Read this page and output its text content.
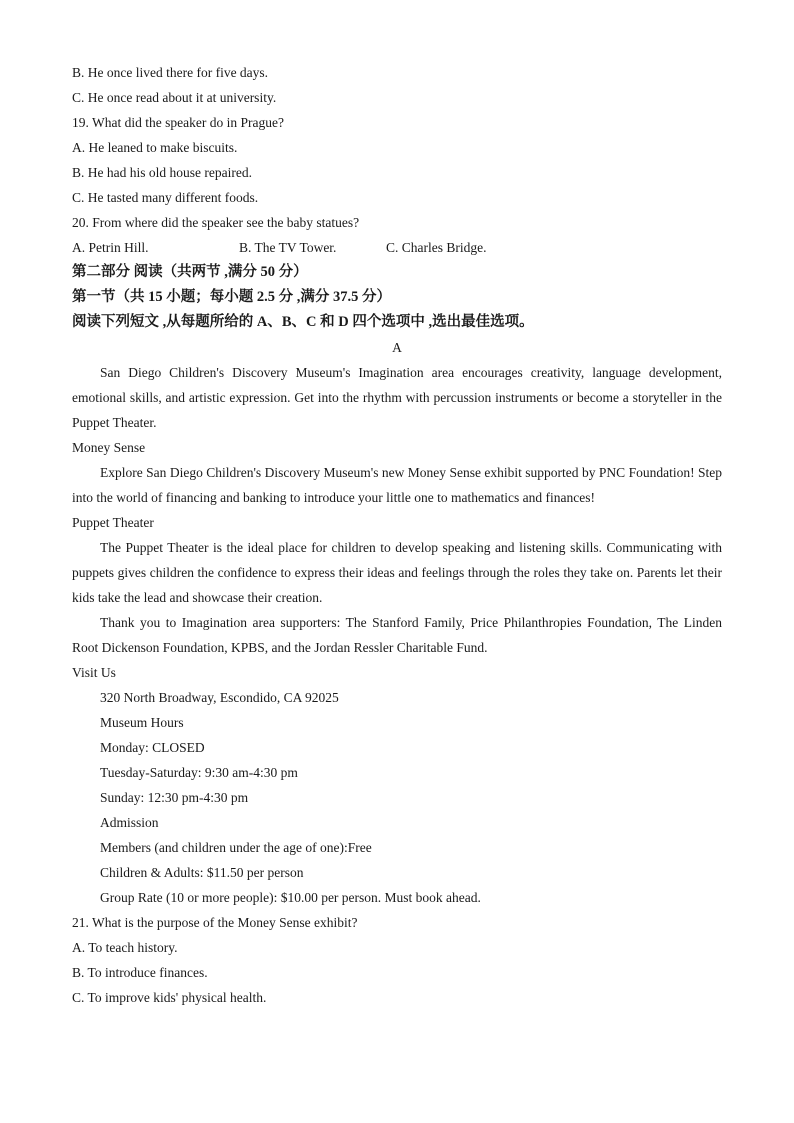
B. He once lived there for five days.
C. He once read about it at university.
19. What did the speaker do in Prague?
A. He leaned to make biscuits.
B. He had his old house repaired.
C. He tasted many different foods.
20. From where did the speaker see the baby statues?
A. Petrin Hill.	B. The TV Tower.	C. Charles Bridge.
第二部分 阅读（共两节 ,满分 50 分）
第一节（共 15 小题；每小题 2.5 分 ,满分 37.5 分）
阅读下列短文 ,从每题所给的 A、B、C 和 D 四个选项中 ,选出最佳选项。
A
San Diego Children's Discovery Museum's Imagination area encourages creativity, language development, emotional skills, and artistic expression. Get into the rhythm with percussion instruments or become a storyteller in the Puppet Theater.
Money Sense
Explore San Diego Children's Discovery Museum's new Money Sense exhibit supported by PNC Foundation! Step into the world of financing and banking to introduce your little one to mathematics and finances!
Puppet Theater
The Puppet Theater is the ideal place for children to develop speaking and listening skills. Communicating with puppets gives children the confidence to express their ideas and feelings through the roles they take on. Parents let their kids take the lead and showcase their creation.
Thank you to Imagination area supporters: The Stanford Family, Price Philanthropies Foundation, The Linden Root Dickenson Foundation, KPBS, and the Jordan Ressler Charitable Fund.
Visit Us
320 North Broadway, Escondido, CA 92025
Museum Hours
Monday: CLOSED
Tuesday-Saturday: 9:30 am-4:30 pm
Sunday: 12:30 pm-4:30 pm
Admission
Members (and children under the age of one):Free
Children & Adults: $11.50 per person
Group Rate (10 or more people): $10.00 per person. Must book ahead.
21. What is the purpose of the Money Sense exhibit?
A. To teach history.
B. To introduce finances.
C. To improve kids' physical health.
